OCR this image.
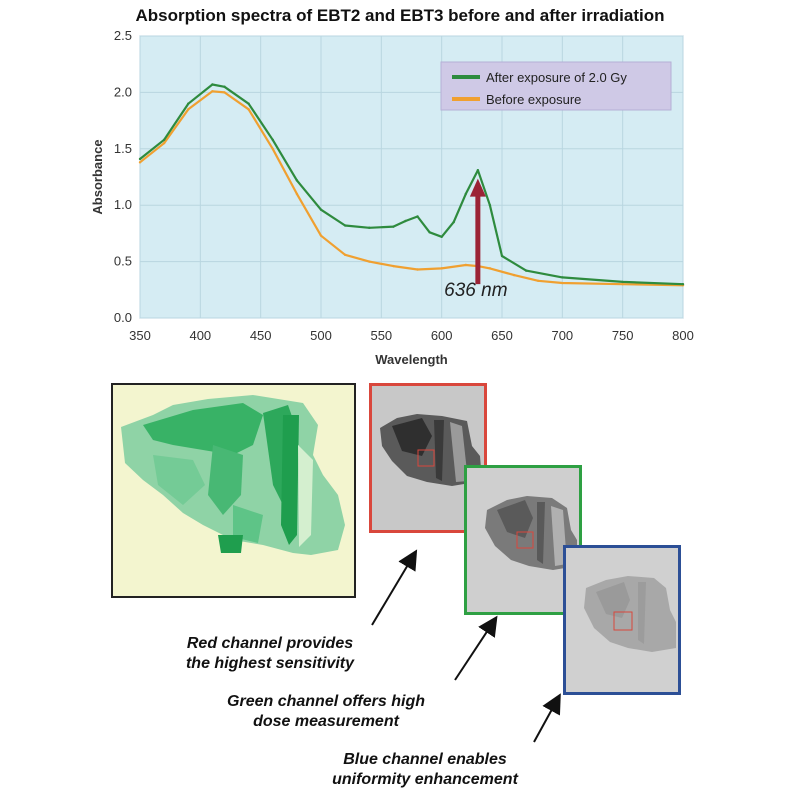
Absorption spectra of EBT2 and EBT3 before and after irradiation
350	400	450	500	550	600	650	700	750	800
0.0
0.5
1.0
1.5
2.0
2.5
Wavelength
Absorbance
After exposure of 2.0 Gy
Before exposure
636 nm
Red channel provides
the highest sensitivity
Green channel offers high
dose measurement
Blue channel enables
uniformity enhancement
